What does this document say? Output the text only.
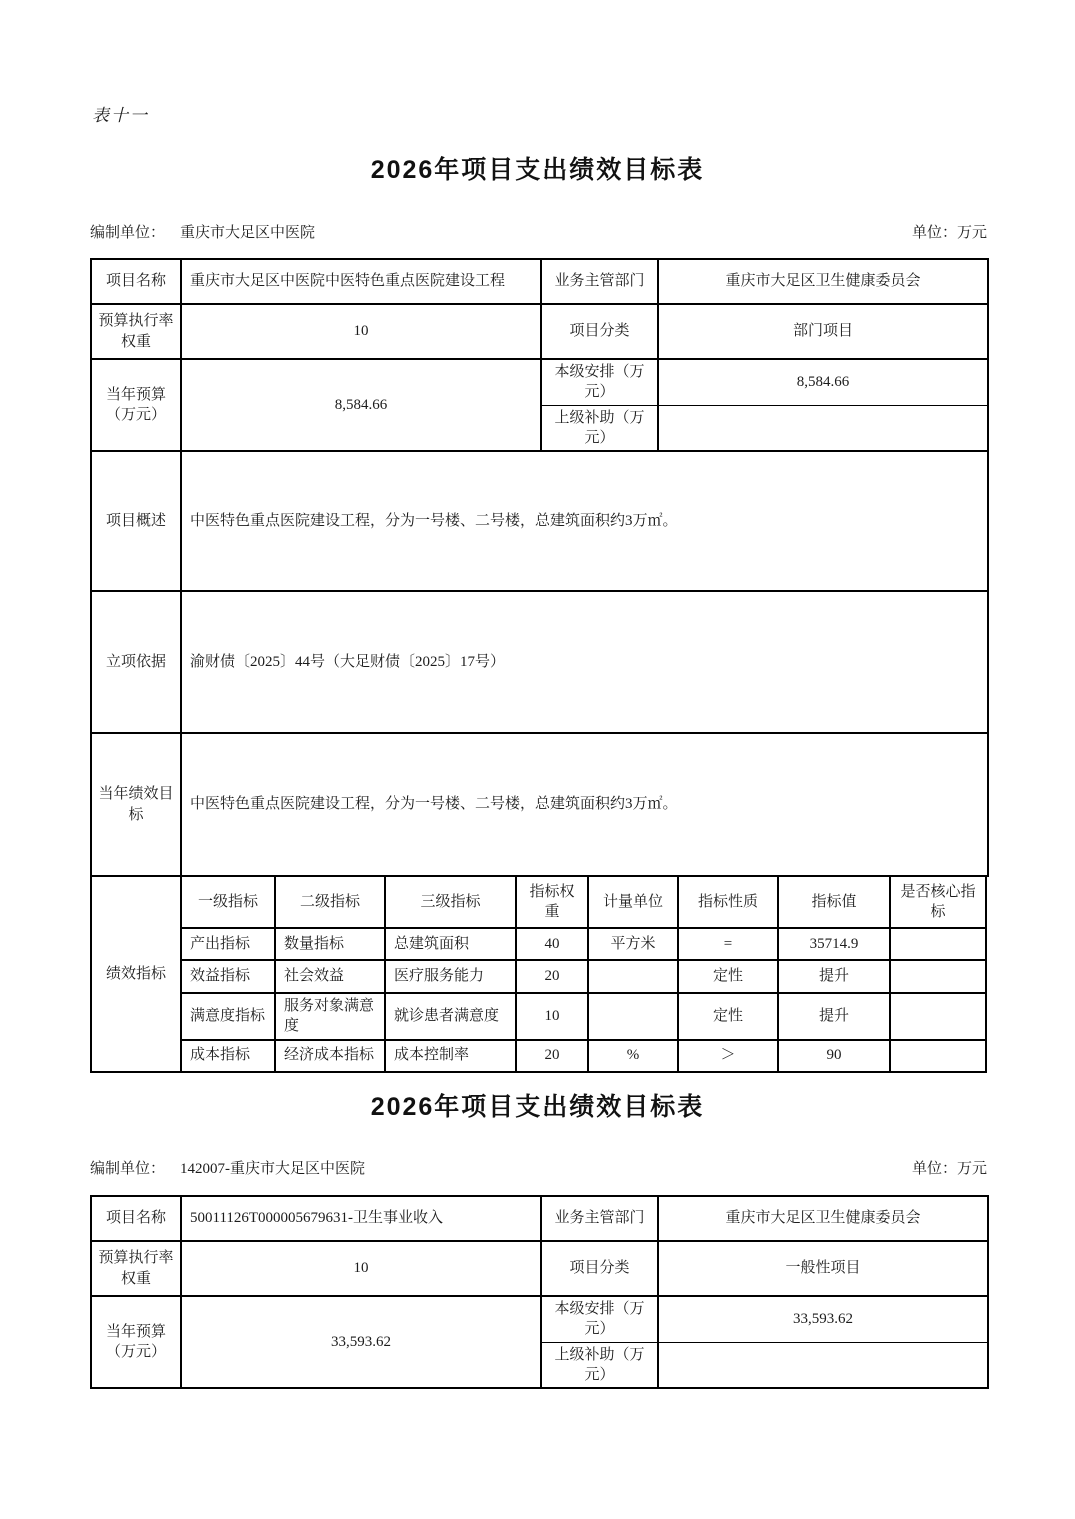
表十一
2026年项目支出绩效目标表
编制单位： 重庆市大足区中医院	单位：万元
项目名称	重庆市大足区中医院中医特色重点医院建设工程	业务主管部门	重庆市大足区卫生健康委员会
预算执行率权重	10	项目分类	部门项目
当年预算（万元）	8,584.66	本级安排（万元）	8,584.66
		上级补助（万元）	
项目概述	中医特色重点医院建设工程，分为一号楼、二号楼，总建筑面积约3万㎡。		
立项依据	渝财债〔2025〕44号（大足财债〔2025〕17号）		
当年绩效目标	中医特色重点医院建设工程，分为一号楼、二号楼，总建筑面积约3万㎡。		
绩效指标	一级指标	二级指标	三级指标	指标权重	计量单位	指标性质	指标值	是否核心指标
	产出指标	数量指标	总建筑面积	40	平方米	=	35714.9	
	效益指标	社会效益	医疗服务能力	20		定性	提升	
	满意度指标	服务对象满意度	就诊患者满意度	10		定性	提升	
	成本指标	经济成本指标	成本控制率	20	%	＞	90	
2026年项目支出绩效目标表
编制单位： 142007-重庆市大足区中医院	单位：万元
项目名称	50011126T000005679631-卫生事业收入	业务主管部门	重庆市大足区卫生健康委员会
预算执行率权重	10	项目分类	一般性项目
当年预算（万元）	33,593.62	本级安排（万元）	33,593.62
		上级补助（万元）	
